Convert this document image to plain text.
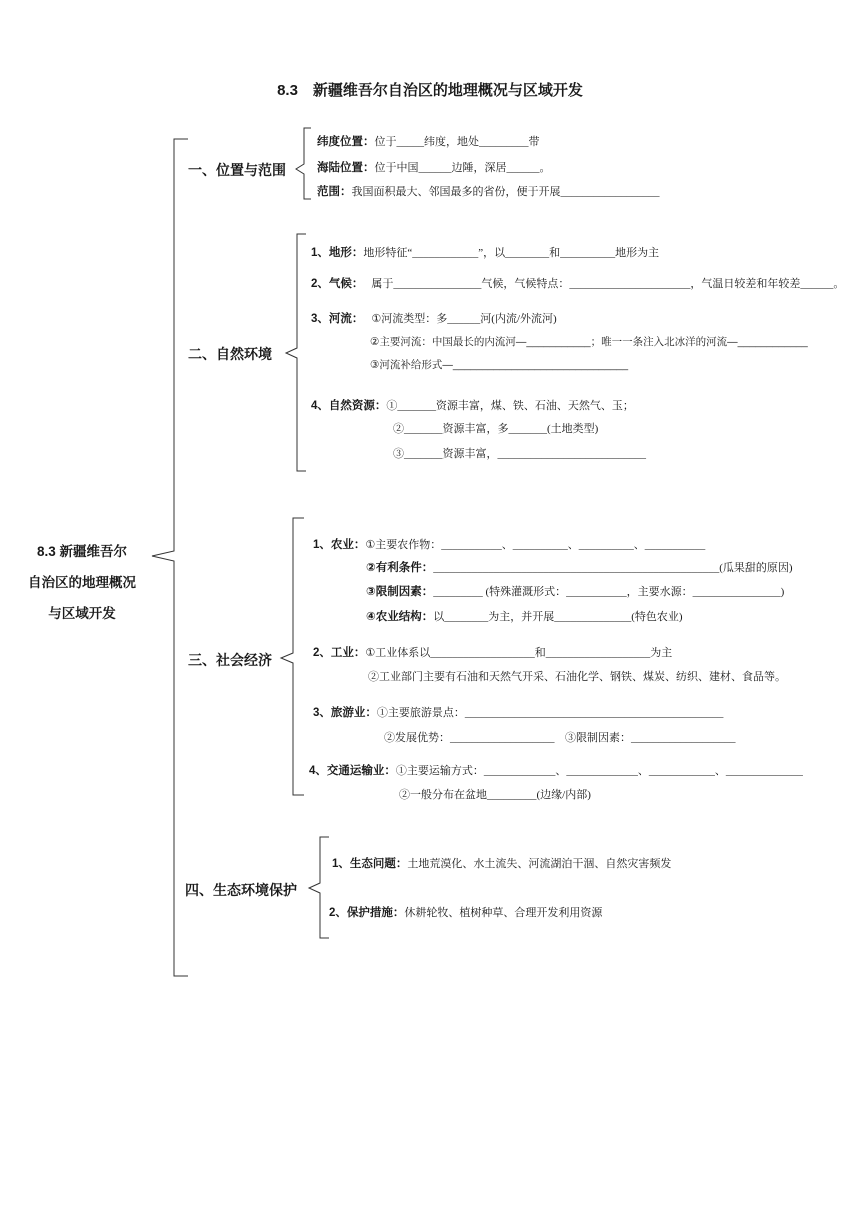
8.3　新疆维吾尔自治区的地理概况与区域开发
8.3 新疆维吾尔
自治区的地理概况
与区域开发
一、位置与范围
纬度位置：位于_____纬度，地处_________带
海陆位置：位于中国______边陲，深居______。
范围：我国面积最大、邻国最多的省份，便于开展__________________
二、自然环境
1、地形：地形特征“____________”，以________和__________地形为主
2、气候： 属于________________气候，气候特点：______________________，气温日较差和年较差______。
3、河流： ①河流类型：多______河(内流/外流河)
②主要河流：中国最长的内流河—___________；唯一一条注入北冰洋的河流—____________
③河流补给形式—______________________________
4、自然资源：①_______资源丰富，煤、铁、石油、天然气、玉；
②_______资源丰富，多_______(土地类型)
③_______资源丰富，___________________________
三、社会经济
1、农业：①主要农作物：___________、__________、__________、___________
②有利条件：____________________________________________________(瓜果甜的原因)
③限制因素：_________ (特殊灌溉形式：___________，主要水源：________________)
④农业结构：以________为主，并开展______________(特色农业)
2、工业：①工业体系以___________________和___________________为主
②工业部门主要有石油和天然气开采、石油化学、钢铁、煤炭、纺织、建材、食品等。
3、旅游业：①主要旅游景点：_______________________________________________
②发展优势：___________________ ③限制因素：___________________
4、交通运输业：①主要运输方式：_____________、_____________、____________、______________
②一般分布在盆地_________(边缘/内部)
四、生态环境保护
1、生态问题：土地荒漠化、水土流失、河流湖泊干涸、自然灾害频发
2、保护措施：休耕轮牧、植树种草、合理开发利用资源
